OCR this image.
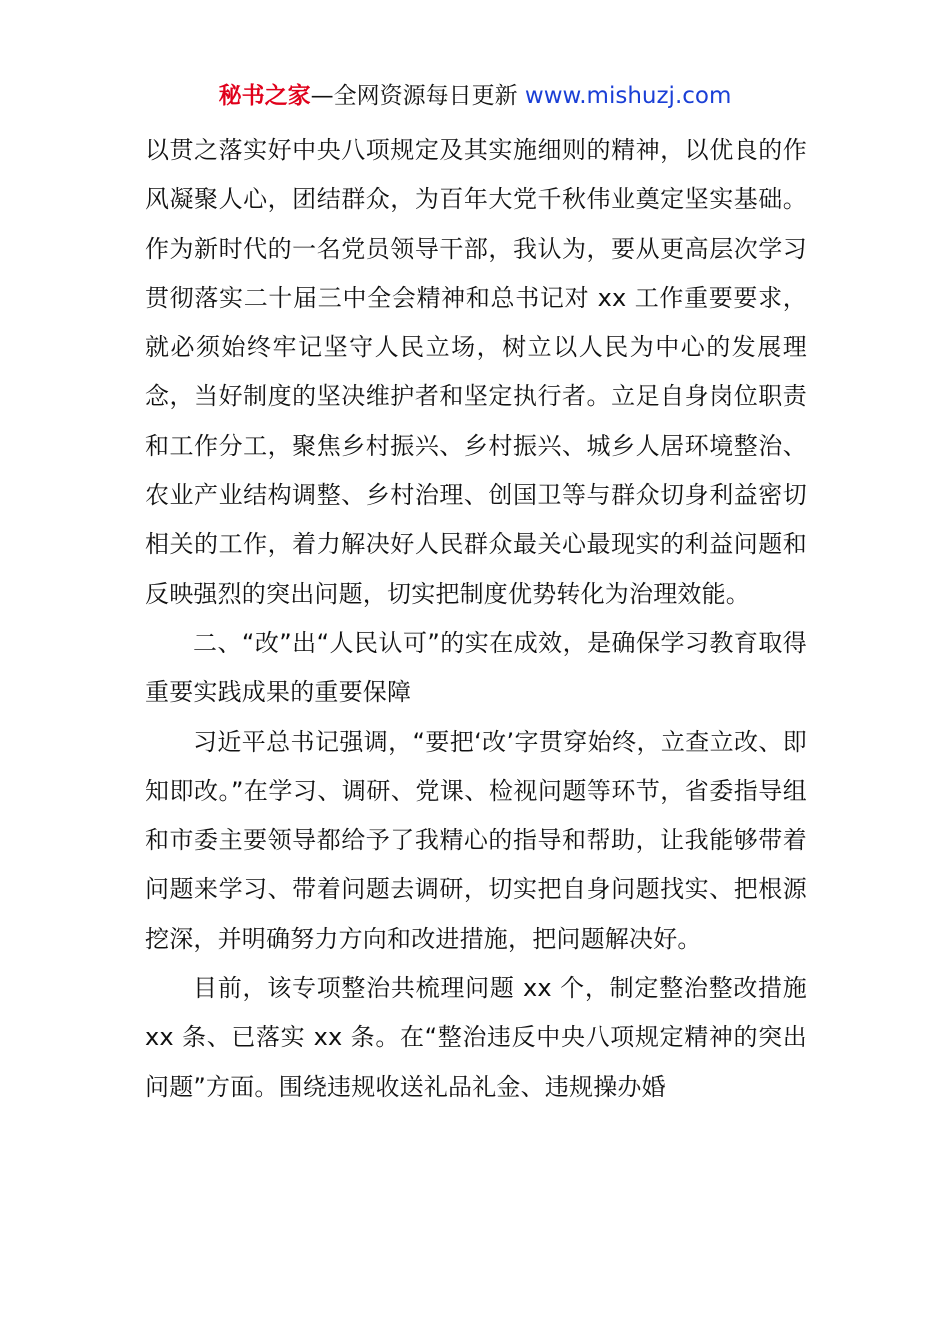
秘书之家—全网资源每日更新 www.mishuzj.com

以贯之落实好中央八项规定及其实施细则的精神，以优良的作风凝聚人心，团结群众，为百年大党千秋伟业奠定坚实基础。作为新时代的一名党员领导干部，我认为，要从更高层次学习贯彻落实二十届三中全会精神和总书记对 xx 工作重要要求，就必须始终牢记坚守人民立场，树立以人民为中心的发展理念，当好制度的坚决维护者和坚定执行者。立足自身岗位职责和工作分工，聚焦乡村振兴、乡村振兴、城乡人居环境整治、农业产业结构调整、乡村治理、创国卫等与群众切身利益密切相关的工作，着力解决好人民群众最关心最现实的利益问题和反映强烈的突出问题，切实把制度优势转化为治理效能。

二、“改”出“人民认可”的实在成效，是确保学习教育取得重要实践成果的重要保障

习近平总书记强调，“要把‘改’字贯穿始终，立查立改、即知即改。”在学习、调研、党课、检视问题等环节，省委指导组和市委主要领导都给予了我精心的指导和帮助，让我能够带着问题来学习、带着问题去调研，切实把自身问题找实、把根源挖深，并明确努力方向和改进措施，把问题解决好。

目前，该专项整治共梳理问题 xx 个，制定整治整改措施 xx 条、已落实 xx 条。在“整治违反中央八项规定精神的突出问题”方面。围绕违规收送礼品礼金、违规操办婚
